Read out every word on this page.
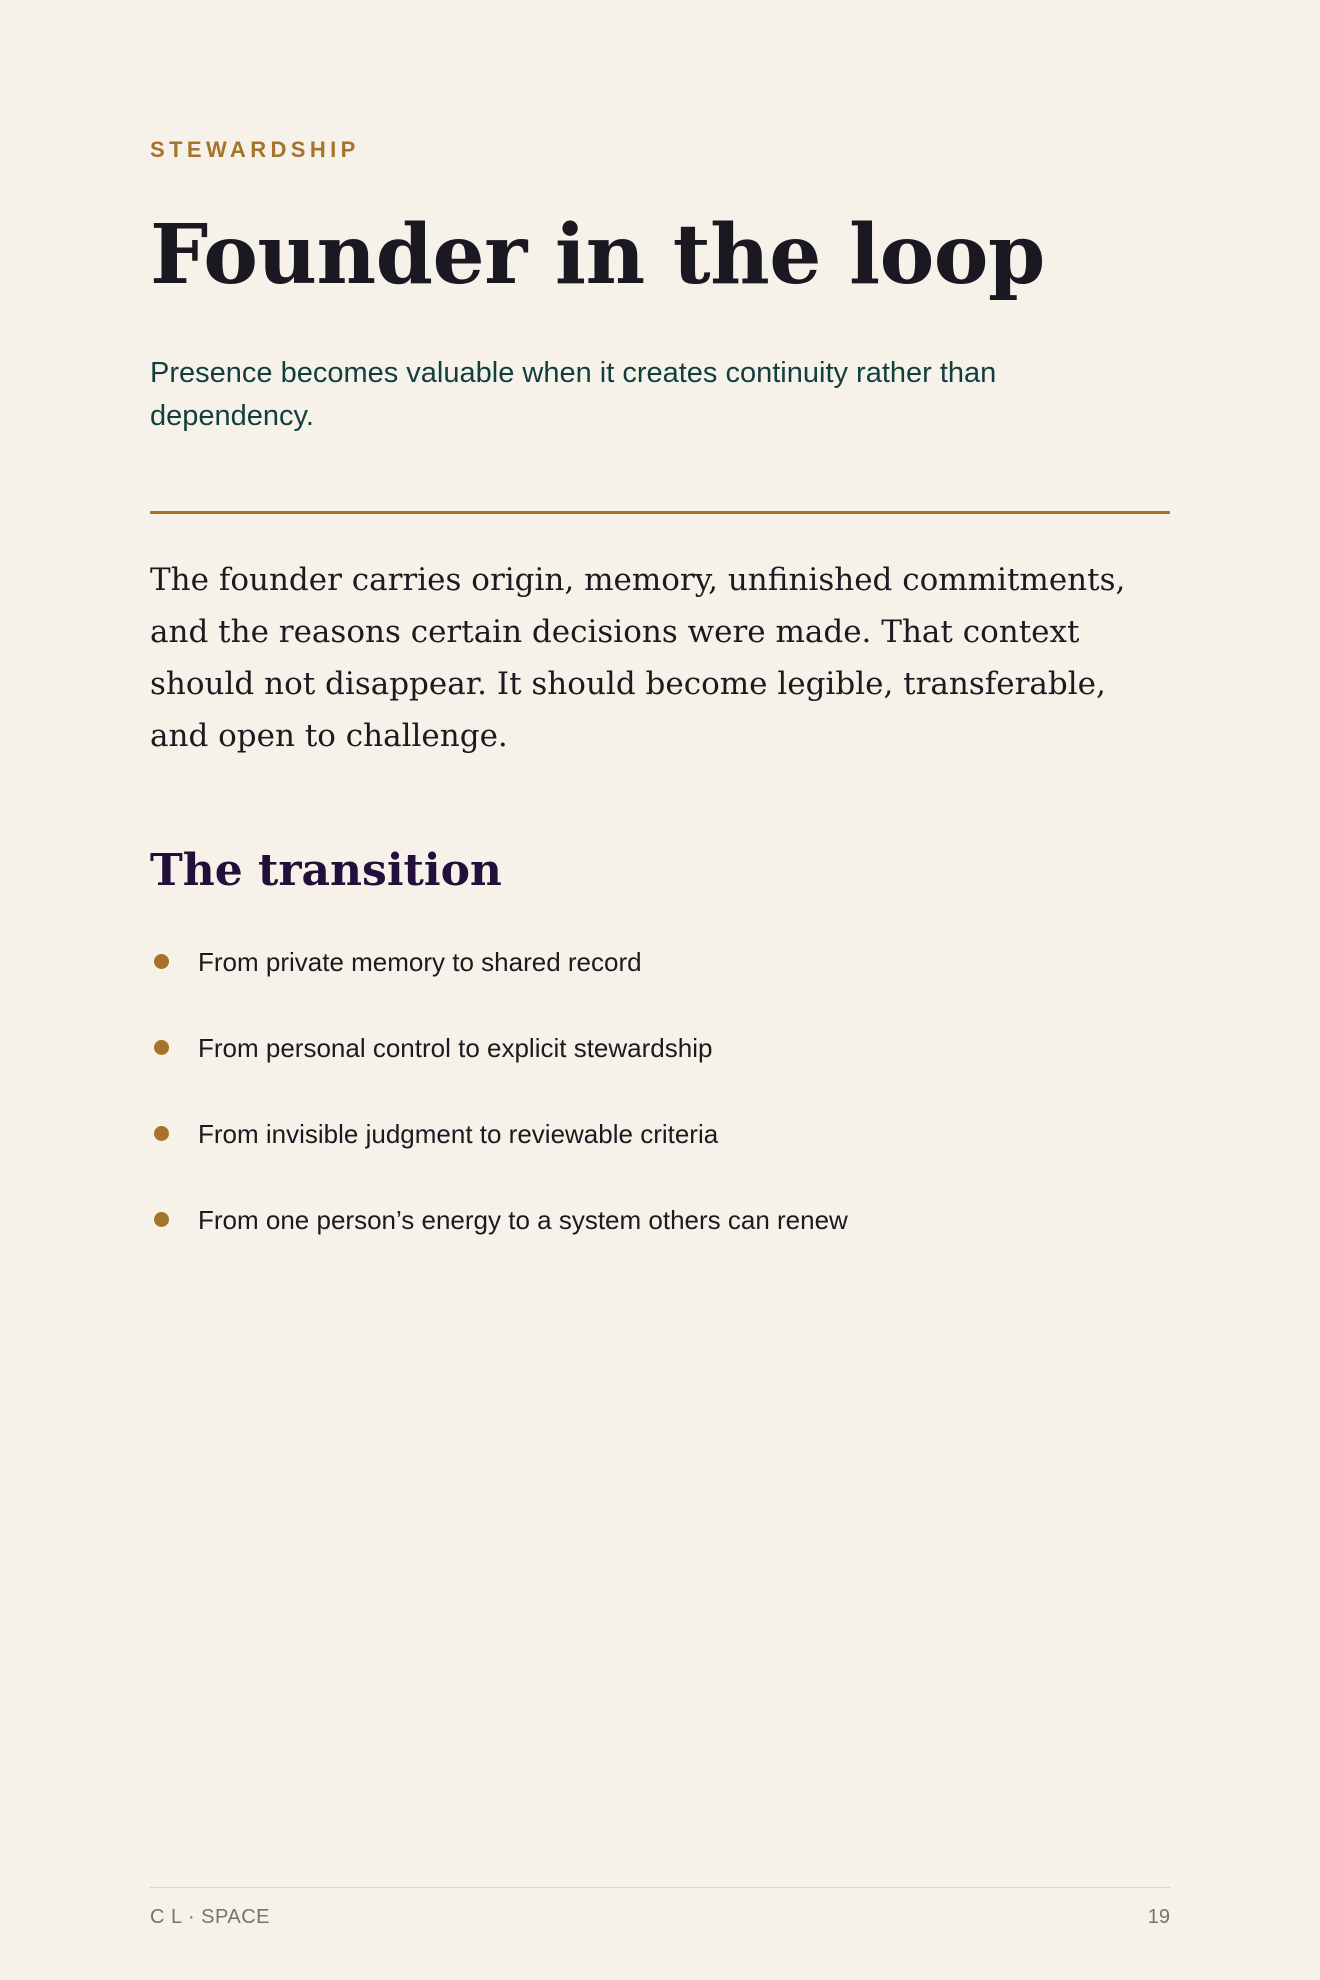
STEWARDSHIP
Founder in the loop

Presence becomes valuable when it creates continuity rather than dependency.

The founder carries origin, memory, unfinished commitments, and the reasons certain decisions were made. That context should not disappear. It should become legible, transferable, and open to challenge.

The transition
From private memory to shared record
From personal control to explicit stewardship
From invisible judgment to reviewable criteria
From one person’s energy to a system others can renew
C L · SPACE	19
